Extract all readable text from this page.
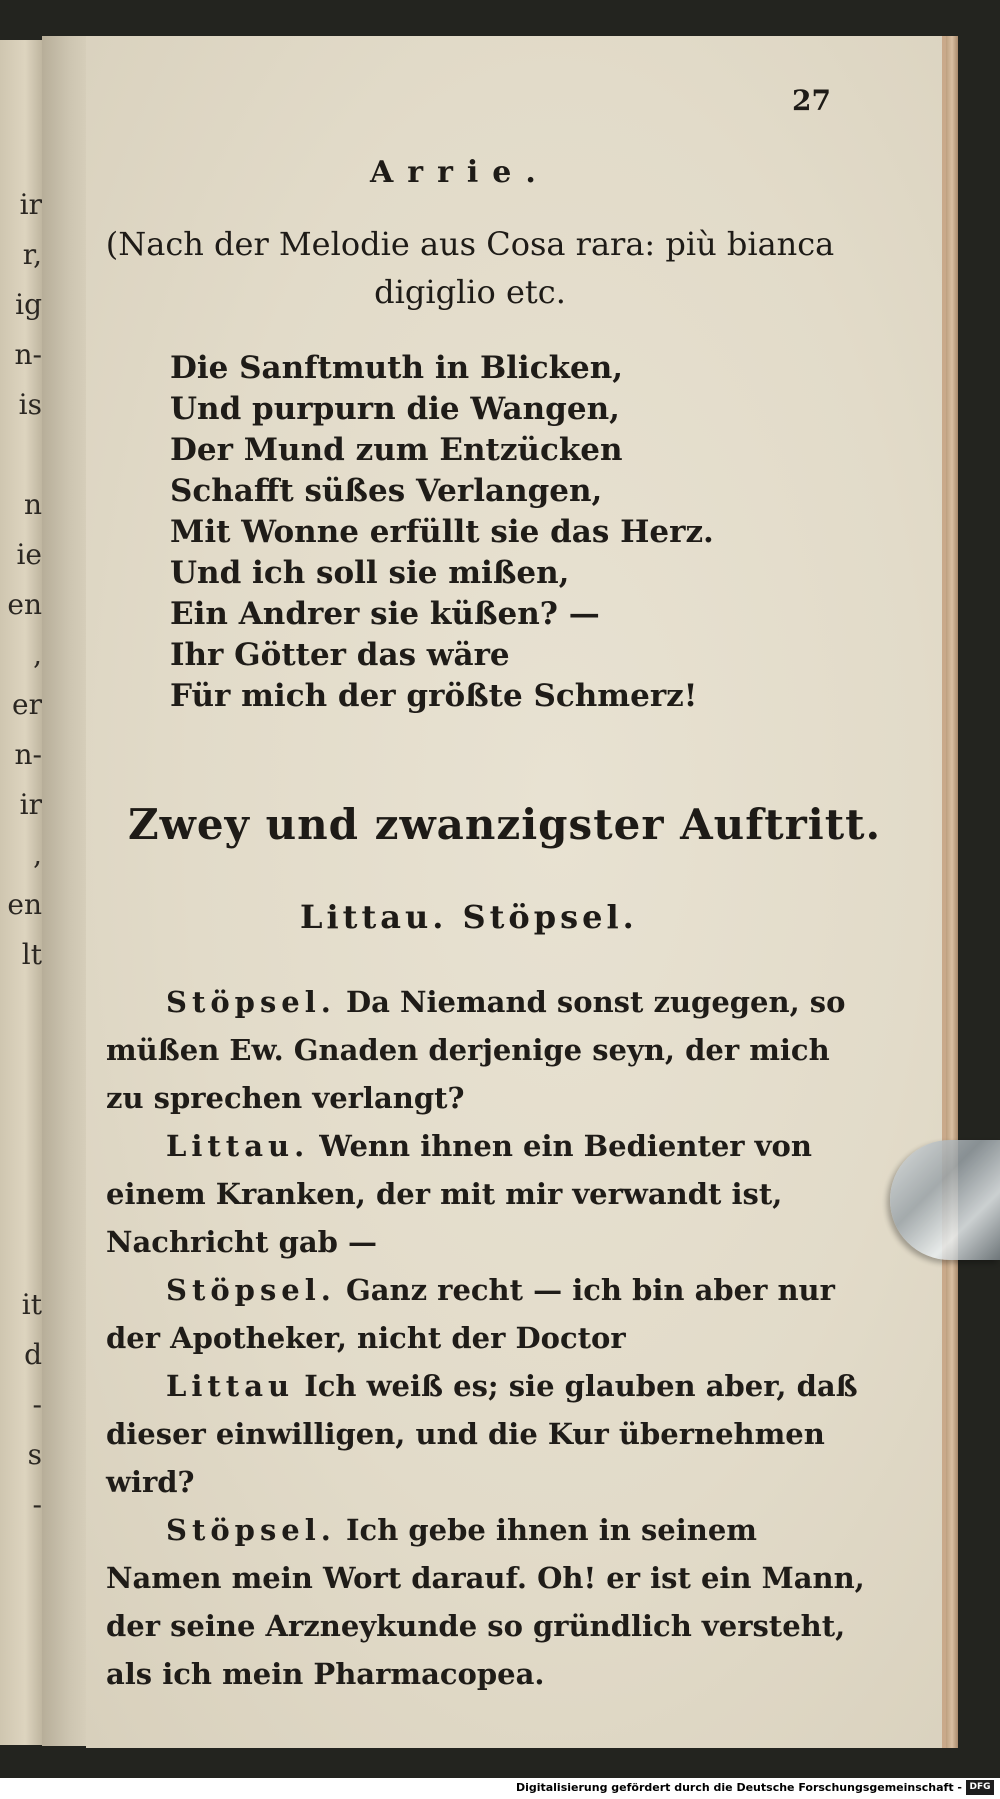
ir
r,
ig
n-
is

n
ie
en
,
er
n-
ir
,
en
lt

it
d
-
s
-

27

Arrie.

(Nach der Melodie aus Cosa rara: più bianca digiglio etc.

Die Sanftmuth in Blicken,
Und purpurn die Wangen,
Der Mund zum Entzücken
Schafft süßes Verlangen,
Mit Wonne erfüllt sie das Herz.
Und ich soll sie mißen,
Ein Andrer sie küßen? —
Ihr Götter das wäre
Für mich der größte Schmerz!

Zwey und zwanzigster Auftritt.

Littau. Stöpsel.

Stöpsel. Da Niemand sonst zugegen, so müßen Ew. Gnaden derjenige seyn, der mich zu sprechen verlangt?

Littau. Wenn ihnen ein Bedienter von einem Kranken, der mit mir verwandt ist, Nachricht gab —

Stöpsel. Ganz recht — ich bin aber nur der Apotheker, nicht der Doctor

Littau Ich weiß es; sie glauben aber, daß dieser einwilligen, und die Kur übernehmen wird?

Stöpsel. Ich gebe ihnen in seinem Namen mein Wort darauf. Oh! er ist ein Mann, der seine Arzneykunde so gründlich versteht, als ich mein Pharmacopea.

Digitalisierung gefördert durch die Deutsche Forschungsgemeinschaft - DFG
